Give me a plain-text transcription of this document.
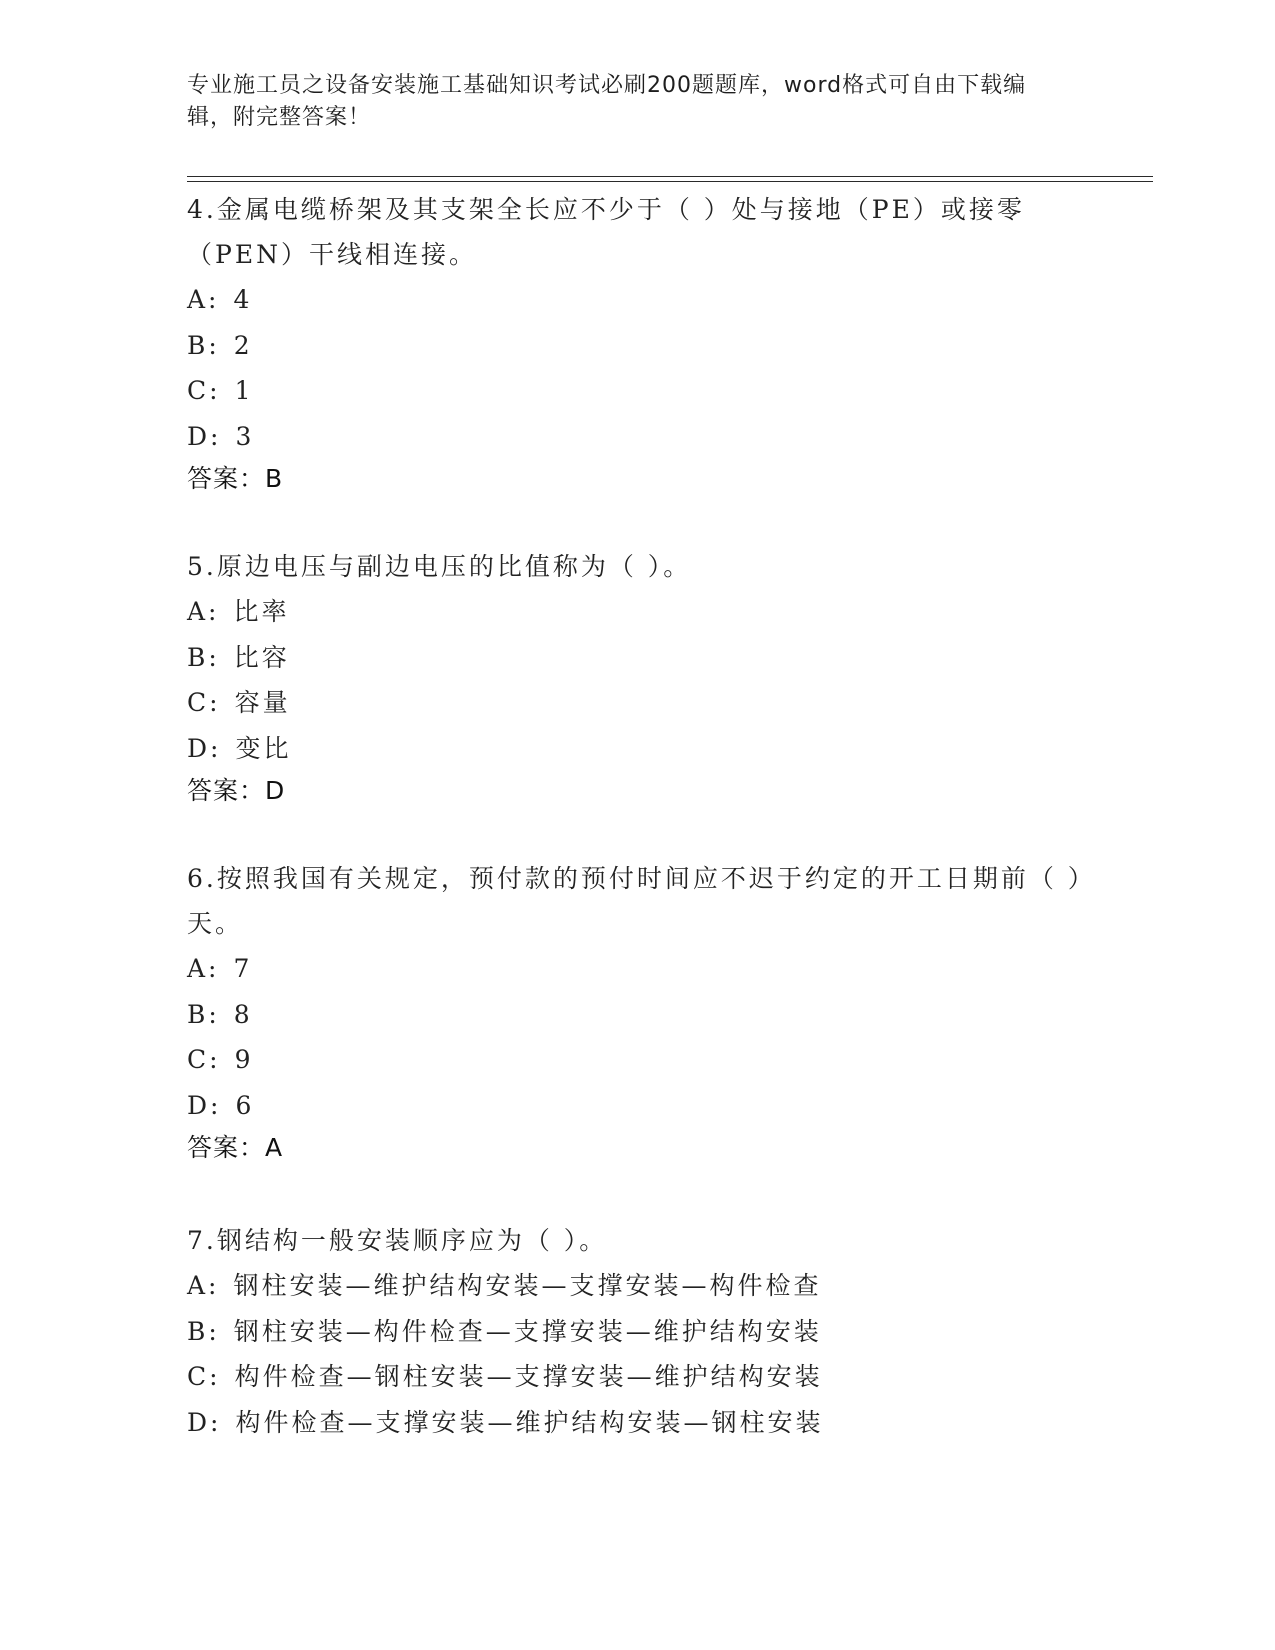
专业施工员之设备安装施工基础知识考试必刷200题题库，word格式可自由下载编辑，附完整答案！
4.金属电缆桥架及其支架全长应不少于（ ）处与接地（PE）或接零（PEN）干线相连接。
A: 4
B: 2
C: 1
D: 3
答案：B
5.原边电压与副边电压的比值称为（ ）。
A: 比率
B: 比容
C: 容量
D: 变比
答案：D
6.按照我国有关规定，预付款的预付时间应不迟于约定的开工日期前（ ）天。
A: 7
B: 8
C: 9
D: 6
答案：A
7.钢结构一般安装顺序应为（ ）。
A: 钢柱安装—维护结构安装—支撑安装—构件检查
B: 钢柱安装—构件检查—支撑安装—维护结构安装
C: 构件检查—钢柱安装—支撑安装—维护结构安装
D: 构件检查—支撑安装—维护结构安装—钢柱安装
